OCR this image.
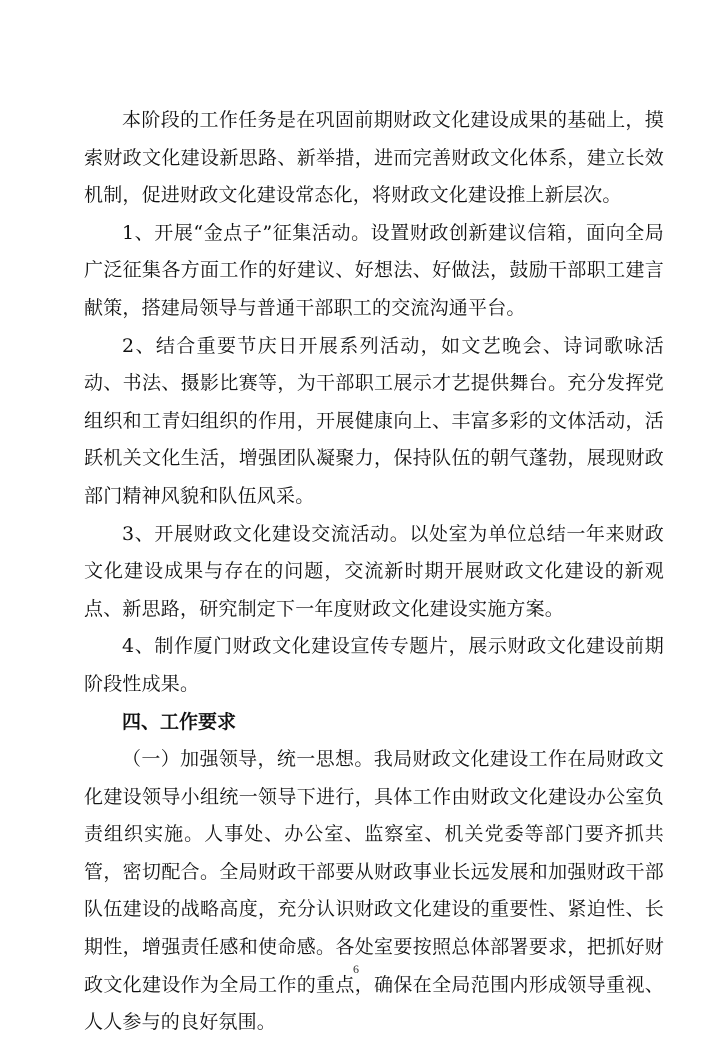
本阶段的工作任务是在巩固前期财政文化建设成果的基础上，摸索财政文化建设新思路、新举措，进而完善财政文化体系，建立长效机制，促进财政文化建设常态化，将财政文化建设推上新层次。

1、开展“金点子”征集活动。设置财政创新建议信箱，面向全局广泛征集各方面工作的好建议、好想法、好做法，鼓励干部职工建言献策，搭建局领导与普通干部职工的交流沟通平台。

2、结合重要节庆日开展系列活动，如文艺晚会、诗词歌咏活动、书法、摄影比赛等，为干部职工展示才艺提供舞台。充分发挥党组织和工青妇组织的作用，开展健康向上、丰富多彩的文体活动，活跃机关文化生活，增强团队凝聚力，保持队伍的朝气蓬勃，展现财政部门精神风貌和队伍风采。

3、开展财政文化建设交流活动。以处室为单位总结一年来财政文化建设成果与存在的问题，交流新时期开展财政文化建设的新观点、新思路，研究制定下一年度财政文化建设实施方案。

4、制作厦门财政文化建设宣传专题片，展示财政文化建设前期阶段性成果。

四、工作要求

（一）加强领导，统一思想。我局财政文化建设工作在局财政文化建设领导小组统一领导下进行，具体工作由财政文化建设办公室负责组织实施。人事处、办公室、监察室、机关党委等部门要齐抓共管，密切配合。全局财政干部要从财政事业长远发展和加强财政干部队伍建设的战略高度，充分认识财政文化建设的重要性、紧迫性、长期性，增强责任感和使命感。各处室要按照总体部署要求，把抓好财政文化建设作为全局工作的重点，确保在全局范围内形成领导重视、人人参与的良好氛围。

6
